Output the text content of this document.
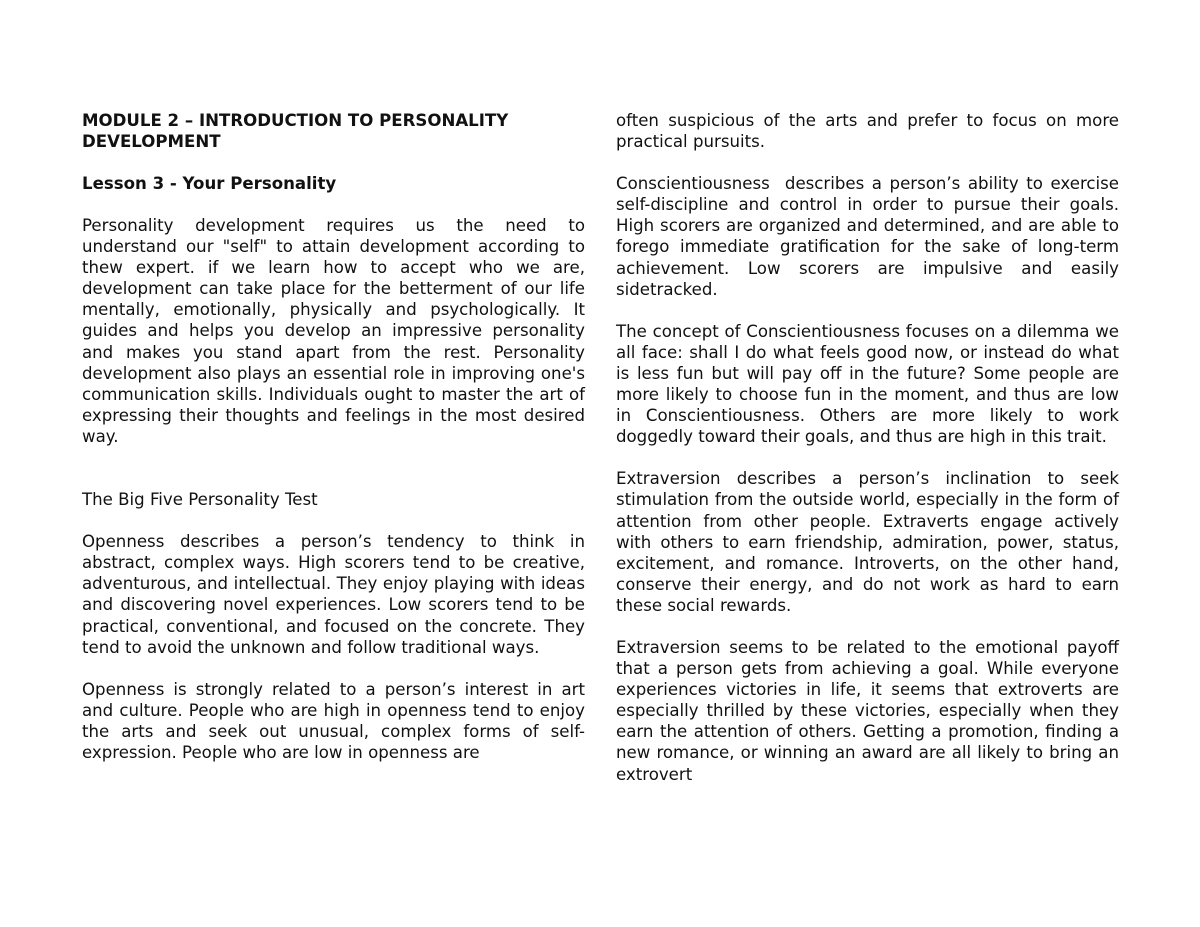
MODULE 2 – INTRODUCTION TO PERSONALITY DEVELOPMENT
Lesson 3 - Your Personality

Personality development requires us the need to understand our "self" to attain development according to thew expert. if we learn how to accept who we are, development can take place for the betterment of our life mentally, emotionally, physically and psychologically. It guides and helps you develop an impressive personality and makes you stand apart from the rest. Personality development also plays an essential role in improving one's communication skills. Individuals ought to master the art of expressing their thoughts and feelings in the most desired way.

The Big Five Personality Test

Openness describes a person’s tendency to think in abstract, complex ways. High scorers tend to be creative, adventurous, and intellectual. They enjoy playing with ideas and discovering novel experiences. Low scorers tend to be practical, conventional, and focused on the concrete. They tend to avoid the unknown and follow traditional ways.

Openness is strongly related to a person’s interest in art and culture. People who are high in openness tend to enjoy the arts and seek out unusual, complex forms of self-expression. People who are low in openness are

often suspicious of the arts and prefer to focus on more practical pursuits.

Conscientiousness  describes a person’s ability to exercise self-discipline and control in order to pursue their goals. High scorers are organized and determined, and are able to forego immediate gratification for the sake of long-term achievement. Low scorers are impulsive and easily sidetracked.

The concept of Conscientiousness focuses on a dilemma we all face: shall I do what feels good now, or instead do what is less fun but will pay off in the future? Some people are more likely to choose fun in the moment, and thus are low in Conscientiousness. Others are more likely to work doggedly toward their goals, and thus are high in this trait.

Extraversion describes a person’s inclination to seek stimulation from the outside world, especially in the form of attention from other people. Extraverts engage actively with others to earn friendship, admiration, power, status, excitement, and romance. Introverts, on the other hand, conserve their energy, and do not work as hard to earn these social rewards.

Extraversion seems to be related to the emotional payoff that a person gets from achieving a goal. While everyone experiences victories in life, it seems that extroverts are especially thrilled by these victories, especially when they earn the attention of others. Getting a promotion, finding a new romance, or winning an award are all likely to bring an extrovert
